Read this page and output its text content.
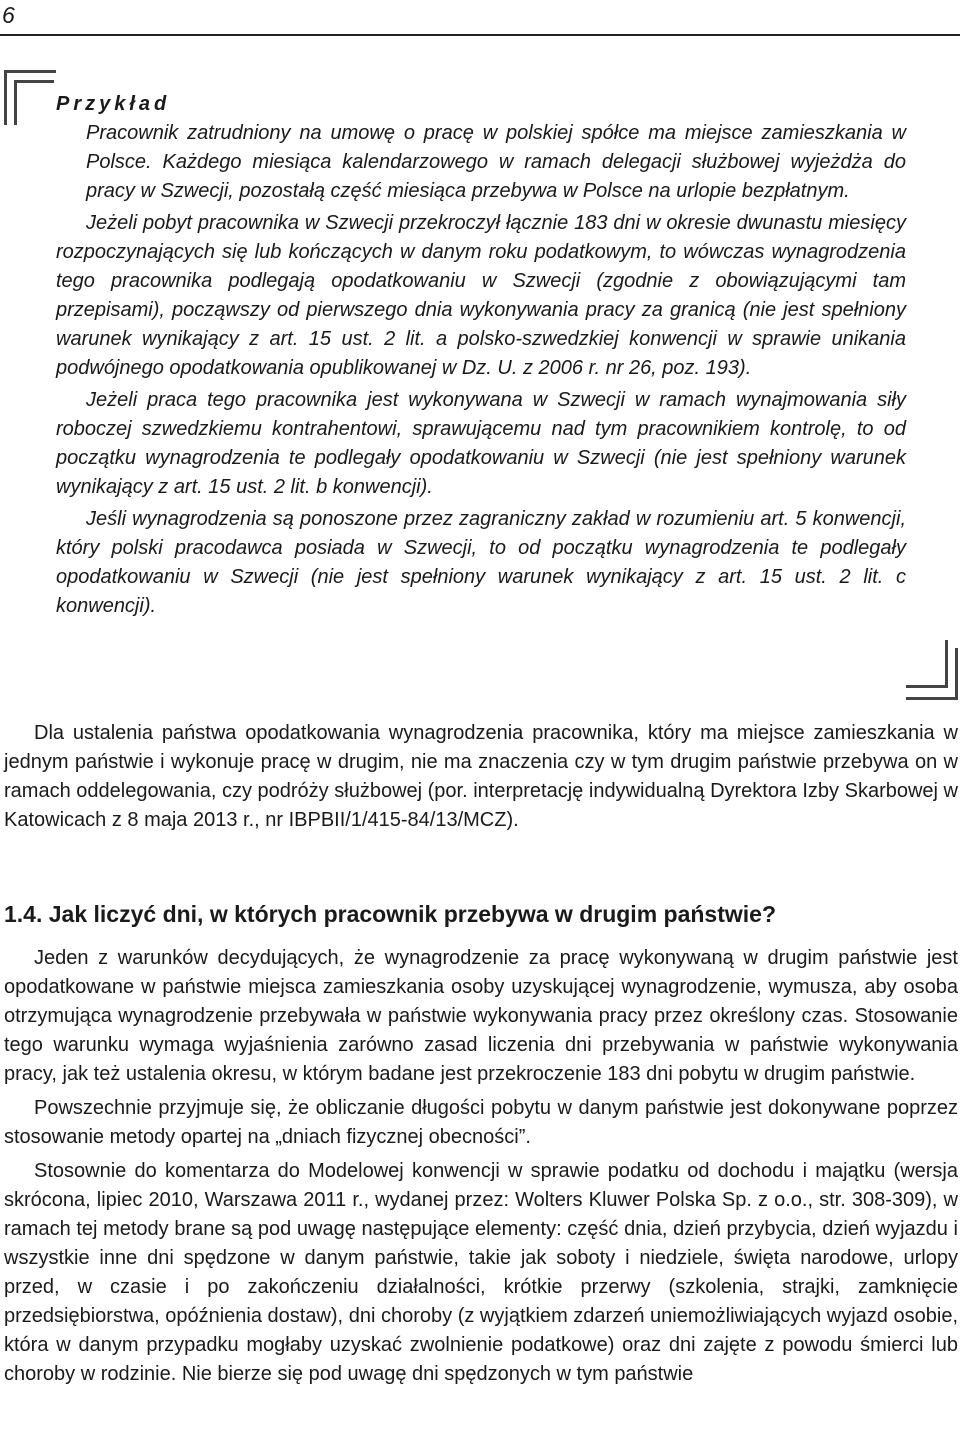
6
Przykład

Pracownik zatrudniony na umowę o pracę w polskiej spółce ma miejsce zamieszkania w Polsce. Każdego miesiąca kalendarzowego w ramach delegacji służbowej wyjeżdża do pracy w Szwecji, pozostałą część miesiąca przebywa w Polsce na urlopie bezpłatnym.

Jeżeli pobyt pracownika w Szwecji przekroczył łącznie 183 dni w okresie dwunastu miesięcy rozpoczynających się lub kończących w danym roku podatkowym, to wówczas wynagrodzenia tego pracownika podlegają opodatkowaniu w Szwecji (zgodnie z obowiązującymi tam przepisami), począwszy od pierwszego dnia wykonywania pracy za granicą (nie jest spełniony warunek wynikający z art. 15 ust. 2 lit. a polsko-szwedzkiej konwencji w sprawie unikania podwójnego opodatkowania opublikowanej w Dz. U. z 2006 r. nr 26, poz. 193).

Jeżeli praca tego pracownika jest wykonywana w Szwecji w ramach wynajmowania siły roboczej szwedzkiemu kontrahentowi, sprawującemu nad tym pracownikiem kontrolę, to od początku wynagrodzenia te podlegały opodatkowaniu w Szwecji (nie jest spełniony warunek wynikający z art. 15 ust. 2 lit. b konwencji).

Jeśli wynagrodzenia są ponoszone przez zagraniczny zakład w rozumieniu art. 5 konwencji, który polski pracodawca posiada w Szwecji, to od początku wynagrodzenia te podlegały opodatkowaniu w Szwecji (nie jest spełniony warunek wynikający z art. 15 ust. 2 lit. c konwencji).

Dla ustalenia państwa opodatkowania wynagrodzenia pracownika, który ma miejsce zamieszkania w jednym państwie i wykonuje pracę w drugim, nie ma znaczenia czy w tym drugim państwie przebywa on w ramach oddelegowania, czy podróży służbowej (por. interpretację indywidualną Dyrektora Izby Skarbowej w Katowicach z 8 maja 2013 r., nr IBPBII/1/415-84/13/MCZ).

1.4. Jak liczyć dni, w których pracownik przebywa w drugim państwie?

Jeden z warunków decydujących, że wynagrodzenie za pracę wykonywaną w drugim państwie jest opodatkowane w państwie miejsca zamieszkania osoby uzyskującej wynagrodzenie, wymusza, aby osoba otrzymująca wynagrodzenie przebywała w państwie wykonywania pracy przez określony czas. Stosowanie tego warunku wymaga wyjaśnienia zarówno zasad liczenia dni przebywania w państwie wykonywania pracy, jak też ustalenia okresu, w którym badane jest przekroczenie 183 dni pobytu w drugim państwie.

Powszechnie przyjmuje się, że obliczanie długości pobytu w danym państwie jest dokonywane poprzez stosowanie metody opartej na „dniach fizycznej obecności”.

Stosownie do komentarza do Modelowej konwencji w sprawie podatku od dochodu i majątku (wersja skrócona, lipiec 2010, Warszawa 2011 r., wydanej przez: Wolters Kluwer Polska Sp. z o.o., str. 308-309), w ramach tej metody brane są pod uwagę następujące elementy: część dnia, dzień przybycia, dzień wyjazdu i wszystkie inne dni spędzone w danym państwie, takie jak soboty i niedziele, święta narodowe, urlopy przed, w czasie i po zakończeniu działalności, krótkie przerwy (szkolenia, strajki, zamknięcie przedsiębiorstwa, opóźnienia dostaw), dni choroby (z wyjątkiem zdarzeń uniemożliwiających wyjazd osobie, która w danym przypadku mogłaby uzyskać zwolnienie podatkowe) oraz dni zajęte z powodu śmierci lub choroby w rodzinie. Nie bierze się pod uwagę dni spędzonych w tym państwie
